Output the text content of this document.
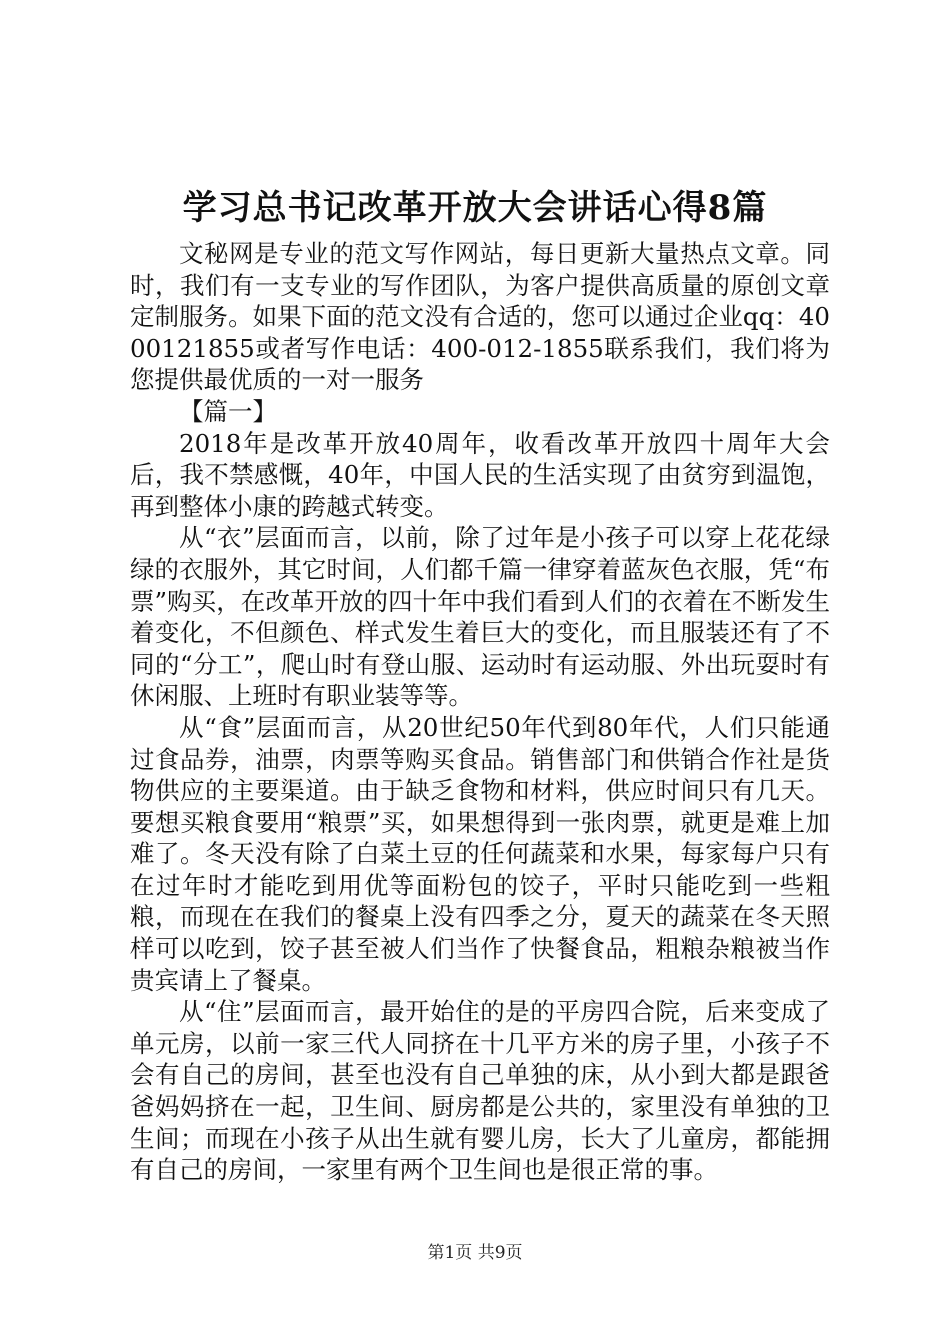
学习总书记改革开放大会讲话心得8篇

文秘网是专业的范文写作网站，每日更新大量热点文章。同时，我们有一支专业的写作团队，为客户提供高质量的原创文章定制服务。如果下面的范文没有合适的，您可以通过企业qq：4000121855或者写作电话：400-012-1855联系我们，我们将为您提供最优质的一对一服务

【篇一】

2018年是改革开放40周年，收看改革开放四十周年大会后，我不禁感慨，40年，中国人民的生活实现了由贫穷到温饱，再到整体小康的跨越式转变。

从“衣”层面而言，以前，除了过年是小孩子可以穿上花花绿绿的衣服外，其它时间，人们都千篇一律穿着蓝灰色衣服，凭“布票”购买，在改革开放的四十年中我们看到人们的衣着在不断发生着变化，不但颜色、样式发生着巨大的变化，而且服装还有了不同的“分工”，爬山时有登山服、运动时有运动服、外出玩耍时有休闲服、上班时有职业装等等。

从“食”层面而言，从20世纪50年代到80年代，人们只能通过食品券，油票，肉票等购买食品。销售部门和供销合作社是货物供应的主要渠道。由于缺乏食物和材料，供应时间只有几天。要想买粮食要用“粮票”买，如果想得到一张肉票，就更是难上加难了。冬天没有除了白菜土豆的任何蔬菜和水果，每家每户只有在过年时才能吃到用优等面粉包的饺子，平时只能吃到一些粗粮，而现在在我们的餐桌上没有四季之分，夏天的蔬菜在冬天照样可以吃到，饺子甚至被人们当作了快餐食品，粗粮杂粮被当作贵宾请上了餐桌。

从“住”层面而言，最开始住的是的平房四合院，后来变成了单元房，以前一家三代人同挤在十几平方米的房子里，小孩子不会有自己的房间，甚至也没有自己单独的床，从小到大都是跟爸爸妈妈挤在一起，卫生间、厨房都是公共的，家里没有单独的卫生间；而现在小孩子从出生就有婴儿房，长大了儿童房，都能拥有自己的房间，一家里有两个卫生间也是很正常的事。

第1页 共9页
